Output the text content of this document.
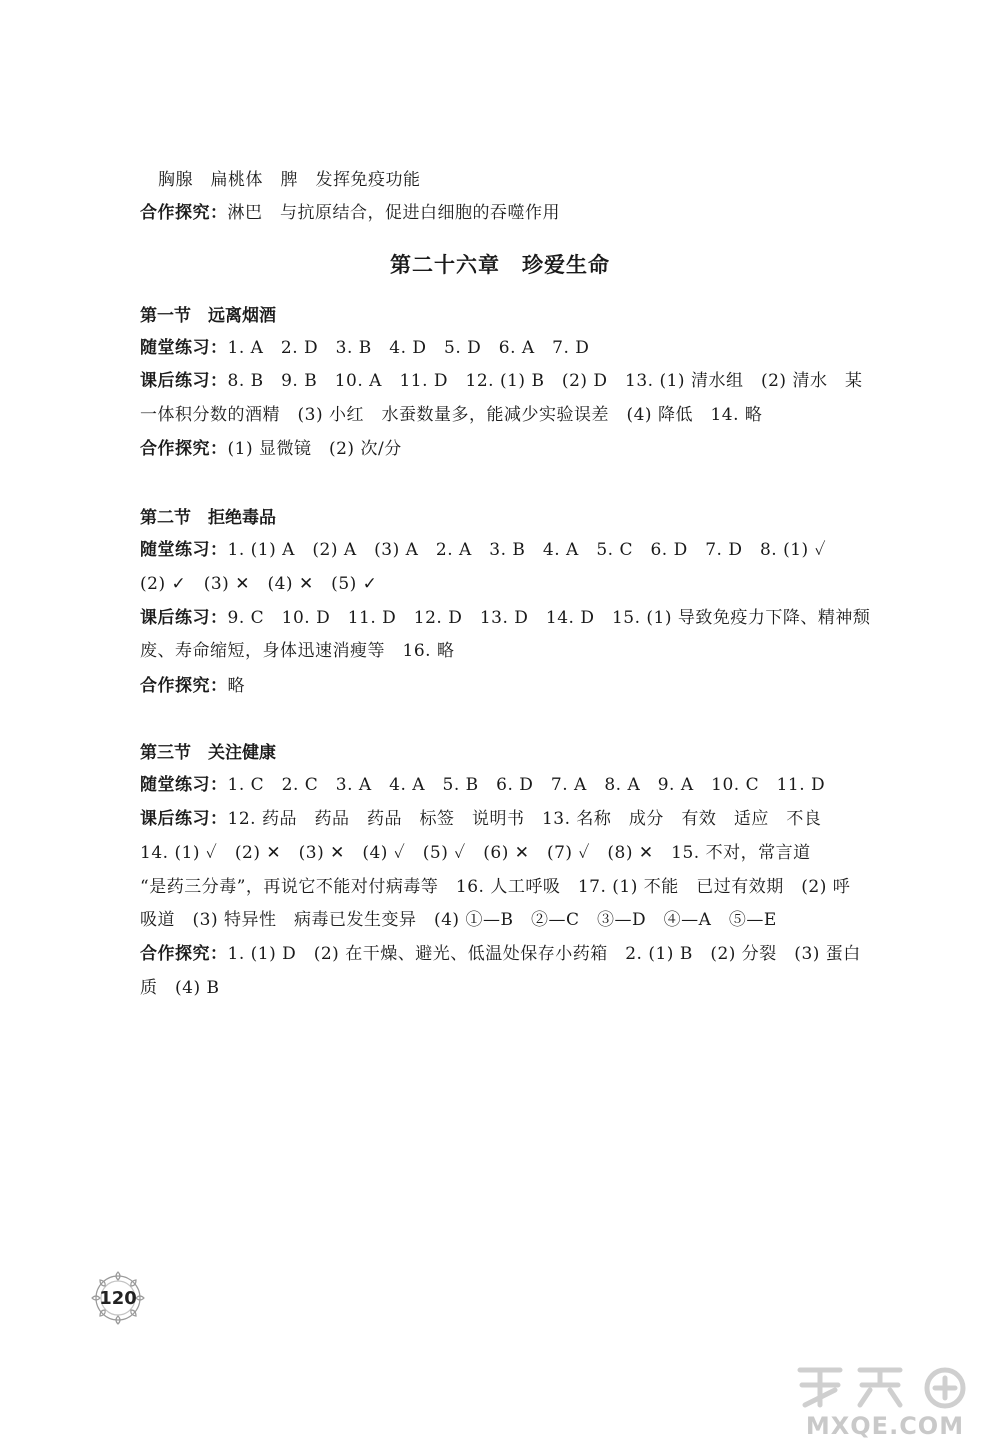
胸腺　扁桃体　脾　发挥免疫功能
合作探究：淋巴　与抗原结合，促进白细胞的吞噬作用
第二十六章　珍爱生命
第一节　远离烟酒
随堂练习：1. A　2. D　3. B　4. D　5. D　6. A　7. D
课后练习：8. B　9. B　10. A　11. D　12. (1) B　(2) D　13. (1) 清水组　(2) 清水　某
一体积分数的酒精　(3) 小红　水蚕数量多，能减少实验误差　(4) 降低　14. 略
合作探究：(1) 显微镜　(2) 次/分
第二节　拒绝毒品
随堂练习：1. (1) A　(2) A　(3) A　2. A　3. B　4. A　5. C　6. D　7. D　8. (1) ✓
(2) ✓　(3) ✕　(4) ✕　(5) ✓
课后练习：9. C　10. D　11. D　12. D　13. D　14. D　15. (1) 导致免疫力下降、精神颓
废、寿命缩短，身体迅速消瘦等　16. 略
合作探究：略
第三节　关注健康
随堂练习：1. C　2. C　3. A　4. A　5. B　6. D　7. A　8. A　9. A　10. C　11. D
课后练习：12. 药品　药品　药品　标签　说明书　13. 名称　成分　有效　适应　不良
14. (1) ✓　(2) ✕　(3) ✕　(4) ✓　(5) ✓　(6) ✕　(7) ✓　(8) ✕　15. 不对，常言道
“是药三分毒”，再说它不能对付病毒等　16. 人工呼吸　17. (1) 不能　已过有效期　(2) 呼
吸道　(3) 特异性　病毒已发生变异　(4) ①—B　②—C　③—D　④—A　⑤—E
合作探究：1. (1) D　(2) 在干燥、避光、低温处保存小药箱　2. (1) B　(2) 分裂　(3) 蛋白
质　(4) B
120
MXQE.COM
